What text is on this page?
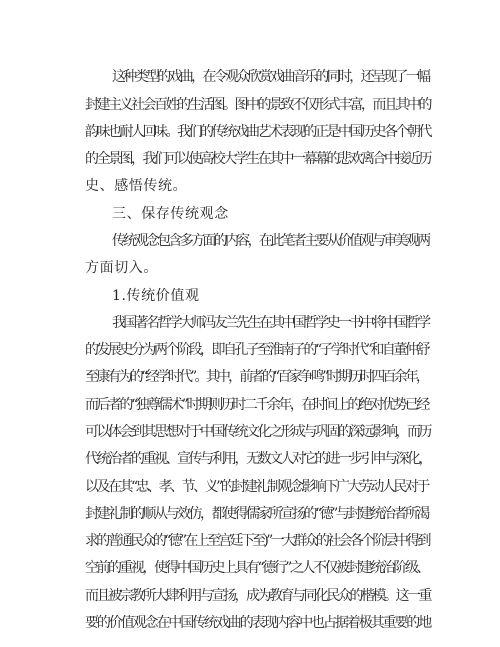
这种类型的戏曲，在令观众欣赏戏曲音乐的同时，还呈现了一幅
封建主义社会百姓的生活图。图中的景致不仅形式丰富，而且其中的
韵味也耐人回味。我们的传统戏曲艺术表现的正是中国历史各个朝代
的全景图，我们可以使高校大学生在其中一幕幕的悲欢离合中接近历
史、感悟传统。
三、保存传统观念
传统观念包含多方面的内容，在此笔者主要从价值观与审美观两
方面切入。
1.传统价值观
我国著名哲学大师冯友兰先生在其中国哲学史一书中将中国哲学
的发展史分为两个阶段，即自孔子至淮南子的“子学时代”和自董仲舒
至康有为的“经学时代”。其中，前者的“百家争鸣”时期历时四百余年，
而后者的“独尊儒术”时期则历时二千余年，在时间上的绝对优势已经
可以体会到其思想对于中国传统文化之形成与巩固的深远影响，而历
代统治者的重视、宣传与利用，无数文人对它的进一步引申与深化，
以及在其“忠、孝、节、义”的封建礼制观念影响下广大劳动人民对于
封建礼制的顺从与效仿，都使得儒家所宣扬的“德”与封建统治者所渴
求的普通民众的“德”在上至宫廷下至)”一大群众的社会各个阶层中得到
空前的重视，使得中国历史上具有“德行”之人不仅被封建统治阶级、
而且被宗教所大肆利用与宣扬，成为教育与同化民众的楷模。这一重
要的价值观念在中国传统戏曲的表现内容中也占据着极其重要的地
